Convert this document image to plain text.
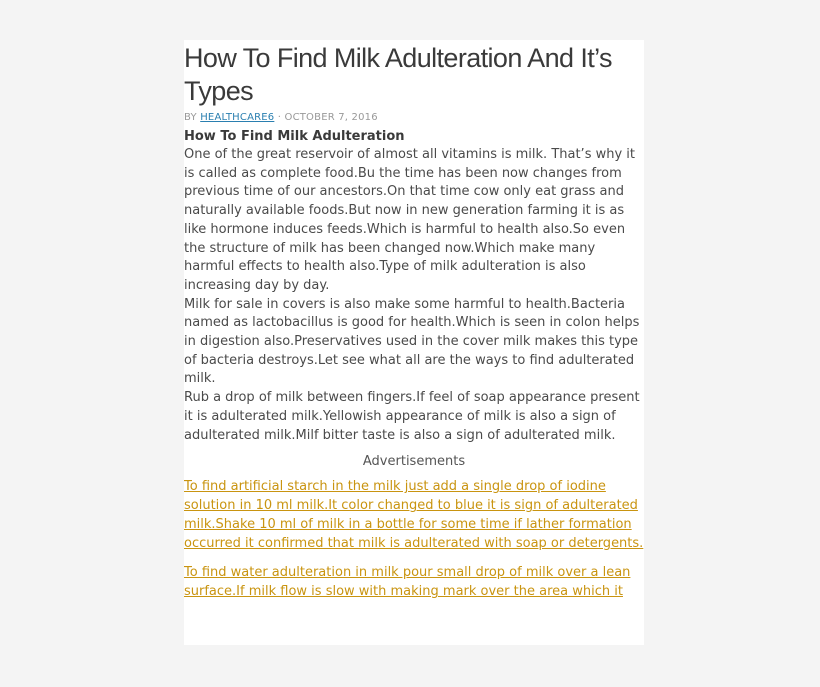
How To Find Milk Adulteration And It’s Types
BY HEALTHCARE6 · OCTOBER 7, 2016
How To Find Milk Adulteration

One of the great reservoir of almost all vitamins is milk. That’s why it is called as complete food.Bu the time has been now changes from previous time of our ancestors.On that time cow only eat grass and naturally available foods.But now in new generation farming it is as like hormone induces feeds.Which is harmful to health also.So even the structure of milk has been changed now.Which make many harmful effects to health also.Type of milk adulteration is also increasing day by day.

Milk for sale in covers is also make some harmful to health.Bacteria named as lactobacillus is good for health.Which is seen in colon helps in digestion also.Preservatives used in the cover milk makes this type of bacteria destroys.Let see what all are the ways to find adulterated milk.

Rub a drop of milk between fingers.If feel of soap appearance present it is adulterated milk.Yellowish appearance of milk is also a sign of adulterated milk.Milf bitter taste is also a sign of adulterated milk.

Advertisements
To find artificial starch in the milk just add a single drop of iodine solution in 10 ml milk.It color changed to blue it is sign of adulterated milk.Shake 10 ml of milk in a bottle for some time if lather formation occurred it confirmed that milk is adulterated with soap or detergents.
To find water adulteration in milk pour small drop of milk over a lean surface.If milk flow is slow with making mark over the area which it
